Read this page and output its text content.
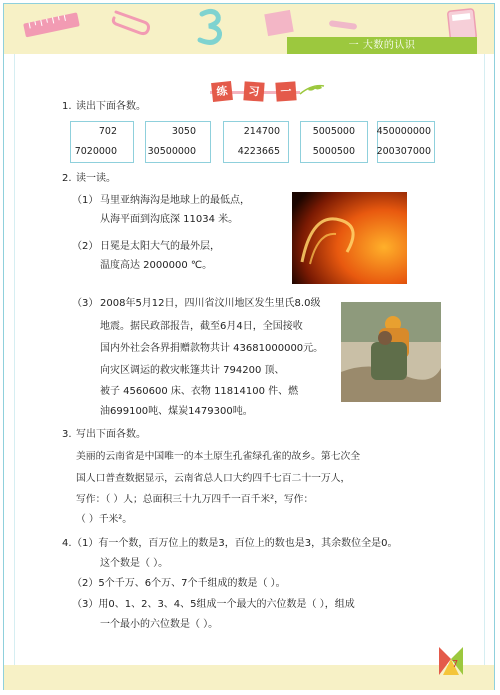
一 大数的认识
练	习	一
1. 读出下面各数。
702
7020000
3050
30500000
214700
4223665
5005000
5000500
450000000
200307000
2. 读一读。
（1） 马里亚纳海沟是地球上的最低点，
从海平面到沟底深 11034 米。
（2） 日冕是太阳大气的最外层，
温度高达 2000000 ℃。
（3） 2008年5月12日，四川省汶川地区发生里氏8.0级
地震。据民政部报告，截至6月4日，全国接收
国内外社会各界捐赠款物共计 43681000000元。
向灾区调运的救灾帐篷共计 794200 顶、
被子 4560600 床、衣物 11814100 件、燃
油699100吨、煤炭1479300吨。
3. 写出下面各数。
美丽的云南省是中国唯一的本土原生孔雀绿孔雀的故乡。第七次全
国人口普查数据显示，云南省总人口大约四千七百二十一万人，
写作：（ ）人；总面积三十九万四千一百千米²，写作：
（ ）千米²。
4. （1）有一个数，百万位上的数是3，百位上的数也是3，其余数位全是0。
这个数是（ ）。
（2）5个千万、6个万、7个千组成的数是（ ）。
（3）用0、1、2、3、4、5组成一个最大的六位数是（ ），组成
一个最小的六位数是（ ）。
7
